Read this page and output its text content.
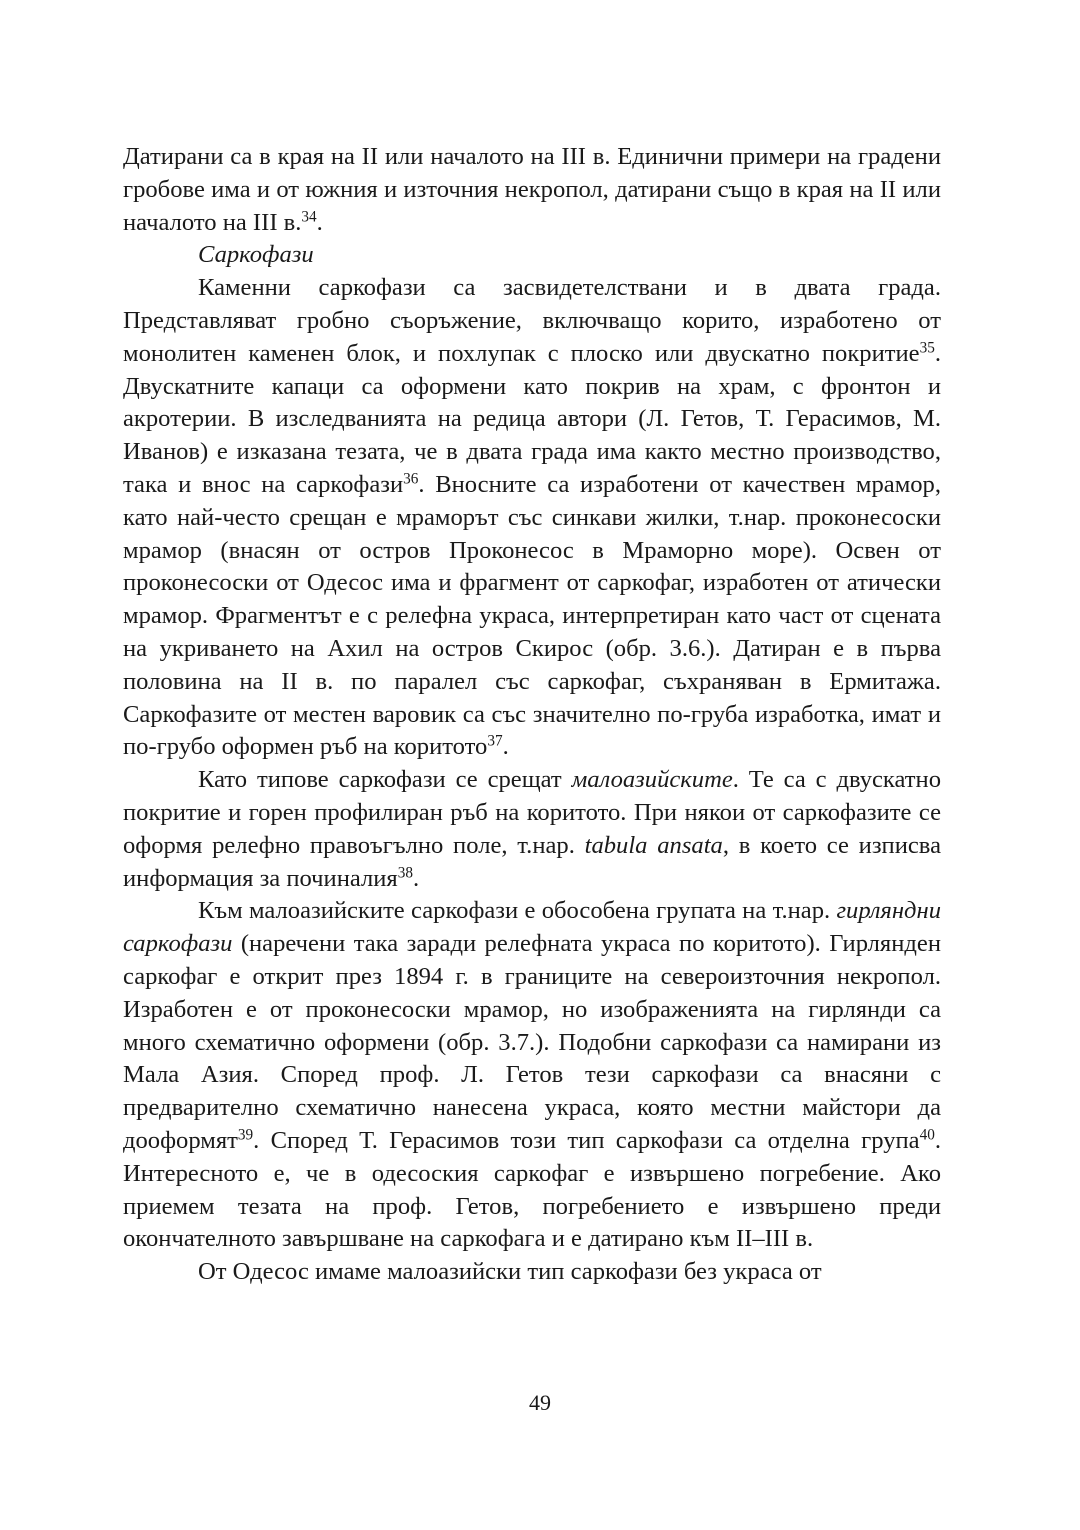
Датирани са в края на II или началото на III в. Единични примери на градени гробове има и от южния и източния некропол, датирани също в края на II или началото на III в.$^{34}$.

Саркофази

Каменни саркофази са засвидетелствани и в двата града. Представляват гробно съоръжение, включващо корито, изработено от монолитен каменен блок, и похлупак с плоско или двускатно покритие$^{35}$. Двускатните капаци са оформени като покрив на храм, с фронтон и акротерии. В изследванията на редица автори (Л. Гетов, Т. Герасимов, М. Иванов) е изказана тезата, че в двата града има както местно производство, така и внос на саркофази$^{36}$. Вносните са изработени от качествен мрамор, като най-често срещан е мраморът със синкави жилки, т.нар. проконесоски мрамор (внасян от остров Проконесос в Мраморно море). Освен от проконесоски от Одесос има и фрагмент от саркофаг, изработен от атически мрамор. Фрагментът е с релефна украса, интерпретиран като част от сцената на укриването на Ахил на остров Скирос (обр. 3.6.). Датиран е в първа половина на II в. по паралел със саркофаг, съхраняван в Ермитажа. Саркофазите от местен варовик са със значително по-груба изработка, имат и по-грубо оформен ръб на коритото$^{37}$.

Като типове саркофази се срещат малоазийските. Те са с двускатно покритие и горен профилиран ръб на коритото. При някои от саркофазите се оформя релефно правоъгълно поле, т.нар. tabula ansata, в което се изписва информация за починалия$^{38}$.

Към малоазийските саркофази е обособена групата на т.нар. гирляндни саркофази (наречени така заради релефната украса по коритото). Гирлянден саркофаг е открит през 1894 г. в границите на североизточния некропол. Изработен е от проконесоски мрамор, но изображенията на гирлянди са много схематично оформени (обр. 3.7.). Подобни саркофази са намирани из Мала Азия. Според проф. Л. Гетов тези саркофази са внасяни с предварително схематично нанесена украса, която местни майстори да дооформят$^{39}$. Според Т. Герасимов този тип саркофази са отделна група$^{40}$. Интересното е, че в одесоския саркофаг е извършено погребение. Ако приемем тезата на проф. Гетов, погребението е извършено преди окончателното завършване на саркофага и е датирано към II–III в.

От Одесос имаме малоазийски тип саркофази без украса от

49
